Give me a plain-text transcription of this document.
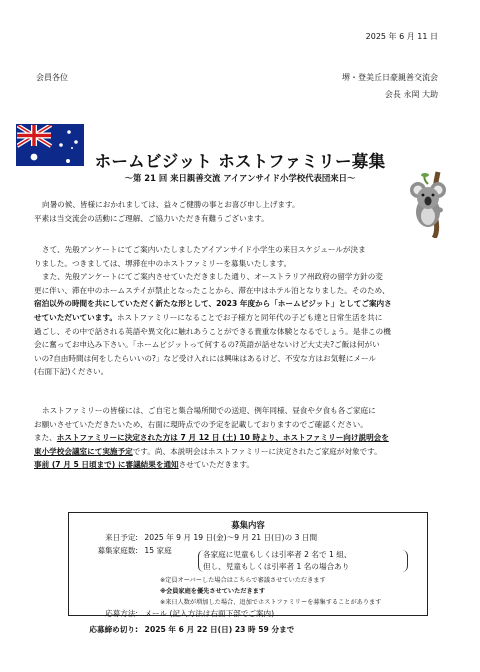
2025 年 6 月 11 日
会員各位	堺・登美丘日豪親善交流会
会長 永岡 大助
ホームビジット ホストファミリー募集
～第 21 回 来日親善交流 アイアンサイド小学校代表団来日～
向暑の候、皆様におかれましては、益々ご健勝の事とお喜び申し上げます。
平素は当交流会の活動にご理解、ご協力いただき有難うございます。
さて、先般アンケートにてご案内いたしましたアイアンサイド小学生の来日スケジュールが決ま
りました。つきましては、堺滞在中のホストファミリーを募集いたします。
また、先般アンケートにてご案内させていただきました通り、オーストラリア州政府の留学方針の変
更に伴い、滞在中のホームステイが禁止となったことから、滞在中はホテル泊となりました。そのため、
宿泊以外の時間を共にしていただく新たな形として、2023 年度から「ホームビジット」としてご案内さ
せていただいています。ホストファミリーになることでお子様方と同年代の子ども達と日常生活を共に
過ごし、その中で話される英語や異文化に触れあうことができる貴重な体験となるでしょう。是非この機
会に奮ってお申込み下さい。「ホームビジットって何するの?英語が話せないけど大丈夫?ご飯は何がい
いの?自由時間は何をしたらいいの?」など受け入れには興味はあるけど、不安な方はお気軽にメール
(右面下記)ください。
ホストファミリーの皆様には、ご自宅と集合場所間での送迎、例年同様、昼食や夕食も各ご家庭に
お願いさせていただきたいため、右面に現時点での予定を記載しておりますのでご確認ください。
また、ホストファミリーに決定された方は 7 月 12 日 (土) 10 時より、ホストファミリー向け説明会を
東小学校会議室にて実施予定です。尚、本説明会はホストファミリーに決定されたご家庭が対象です。
事前 (7 月 5 日頃まで) に審議結果を通知させていただきます。
募集内容
来日予定: 2025 年 9 月 19 日(金)～9 月 21 日(日)の 3 日間
募集家庭数: 15 家庭	各家庭に児童もしくは引率者 2 名で 1 組、
但し、児童もしくは引率者 1 名の場合あり
※定員オーバーした場合はこちらで審議させていただきます
※会員家庭を優先させていただきます
※来日人数が増加した場合、追加でホストファミリーを募集することがあります
応募方法: メール (記入方法は右面下部でご案内)
応募締め切り: 2025 年 6 月 22 日(日) 23 時 59 分まで
